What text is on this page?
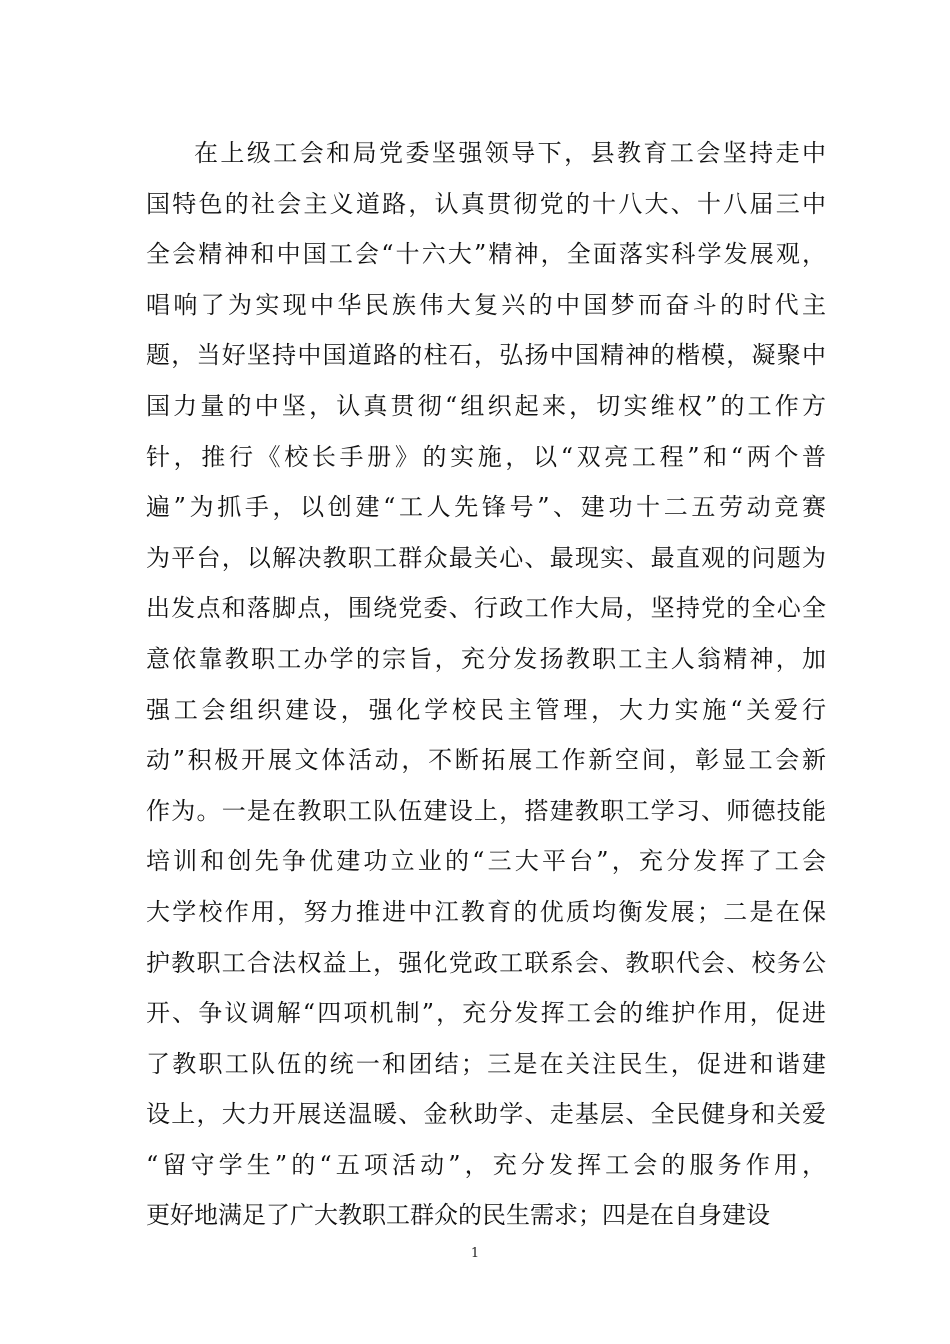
在上级工会和局党委坚强领导下，县教育工会坚持走中
国特色的社会主义道路，认真贯彻党的十八大、十八届三中
全会精神和中国工会“十六大”精神，全面落实科学发展观，
唱响了为实现中华民族伟大复兴的中国梦而奋斗的时代主
题，当好坚持中国道路的柱石，弘扬中国精神的楷模，凝聚中
国力量的中坚，认真贯彻“组织起来，切实维权”的工作方
针，推行《校长手册》的实施，以“双亮工程”和“两个普
遍”为抓手，以创建“工人先锋号”、建功十二五劳动竞赛
为平台，以解决教职工群众最关心、最现实、最直观的问题为
出发点和落脚点，围绕党委、行政工作大局，坚持党的全心全
意依靠教职工办学的宗旨，充分发扬教职工主人翁精神，加
强工会组织建设，强化学校民主管理，大力实施“关爱行
动”积极开展文体活动，不断拓展工作新空间，彰显工会新
作为。一是在教职工队伍建设上，搭建教职工学习、师德技能
培训和创先争优建功立业的“三大平台”，充分发挥了工会
大学校作用，努力推进中江教育的优质均衡发展；二是在保
护教职工合法权益上，强化党政工联系会、教职代会、校务公
开、争议调解“四项机制”，充分发挥工会的维护作用，促进
了教职工队伍的统一和团结；三是在关注民生，促进和谐建
设上，大力开展送温暖、金秋助学、走基层、全民健身和关爱
“留守学生”的“五项活动”，充分发挥工会的服务作用，
更好地满足了广大教职工群众的民生需求；四是在自身建设
1
